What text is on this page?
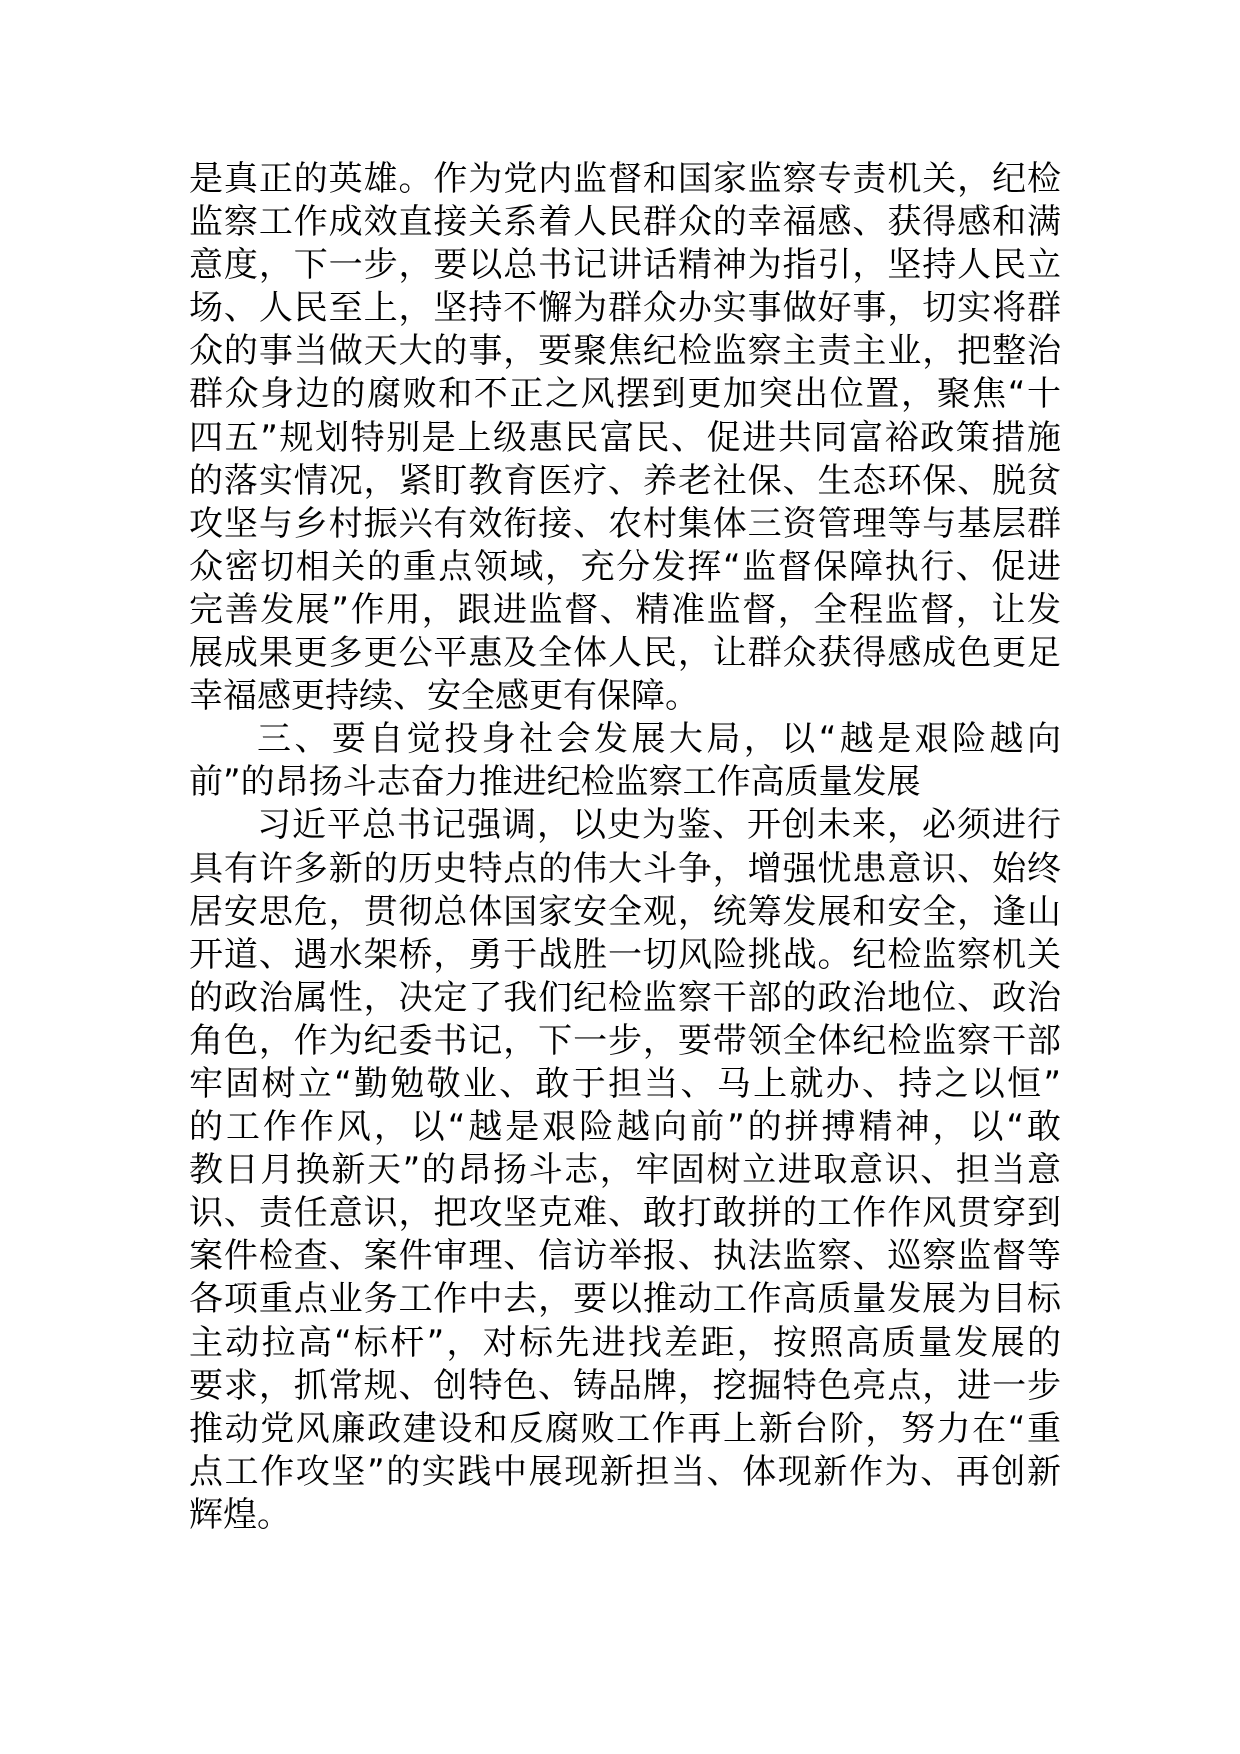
是真正的英雄。作为党内监督和国家监察专责机关，纪检
监察工作成效直接关系着人民群众的幸福感、获得感和满
意度，下一步，要以总书记讲话精神为指引，坚持人民立
场、人民至上，坚持不懈为群众办实事做好事，切实将群
众的事当做天大的事，要聚焦纪检监察主责主业，把整治
群众身边的腐败和不正之风摆到更加突出位置，聚焦“十
四五”规划特别是上级惠民富民、促进共同富裕政策措施
的落实情况，紧盯教育医疗、养老社保、生态环保、脱贫
攻坚与乡村振兴有效衔接、农村集体三资管理等与基层群
众密切相关的重点领域，充分发挥“监督保障执行、促进
完善发展”作用，跟进监督、精准监督，全程监督，让发
展成果更多更公平惠及全体人民，让群众获得感成色更足
幸福感更持续、安全感更有保障。
三、要自觉投身社会发展大局，以“越是艰险越向
前”的昂扬斗志奋力推进纪检监察工作高质量发展
习近平总书记强调，以史为鉴、开创未来，必须进行
具有许多新的历史特点的伟大斗争，增强忧患意识、始终
居安思危，贯彻总体国家安全观，统筹发展和安全，逢山
开道、遇水架桥，勇于战胜一切风险挑战。纪检监察机关
的政治属性，决定了我们纪检监察干部的政治地位、政治
角色，作为纪委书记，下一步，要带领全体纪检监察干部
牢固树立“勤勉敬业、敢于担当、马上就办、持之以恒”
的工作作风，以“越是艰险越向前”的拼搏精神，以“敢
教日月换新天”的昂扬斗志，牢固树立进取意识、担当意
识、责任意识，把攻坚克难、敢打敢拼的工作作风贯穿到
案件检查、案件审理、信访举报、执法监察、巡察监督等
各项重点业务工作中去，要以推动工作高质量发展为目标
主动拉高“标杆”，对标先进找差距，按照高质量发展的
要求，抓常规、创特色、铸品牌，挖掘特色亮点，进一步
推动党风廉政建设和反腐败工作再上新台阶，努力在“重
点工作攻坚”的实践中展现新担当、体现新作为、再创新
辉煌。
